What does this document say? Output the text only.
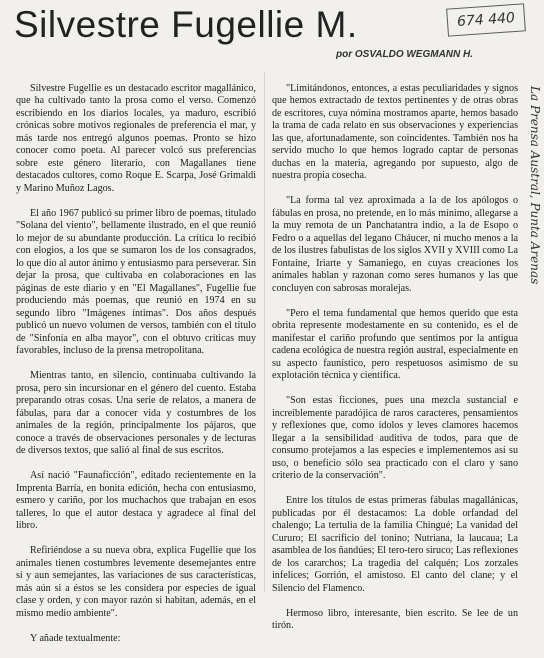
Silvestre Fugellie M.	674 440
por OSVALDO WEGMANN H.

Silvestre Fugellie es un destacado escritor magallánico, que ha cultivado tanto la prosa como el verso. Comenzó escribiendo en los diarios locales, ya maduro, escribió crónicas sobre motivos regionales de preferencia el mar, y más tarde nos entregó algunos poemas. Pronto se hizo conocer como poeta. Al parecer volcó sus preferencias sobre este género literario, con Magallanes tiene destacados cultores, como Roque E. Scarpa, José Grimaldi y Marino Muñoz Lagos.

El año 1967 publicó su primer libro de poemas, titulado "Solana del viento", bellamente ilustrado, en el que reunió lo mejor de su abundante producción. La crítica lo recibió con elogios, a los que se sumaron los de los consagrados, lo que dio al autor ánimo y entusiasmo para perseverar. Sin dejar la prosa, que cultivaba en colaboraciones en las páginas de este diario y en "El Magallanes", Fugellie fue produciendo más poemas, que reunió en 1974 en su segundo libro "Imágenes íntimas". Dos años después publicó un nuevo volumen de versos, también con el título de "Sinfonía en alba mayor", con el obtuvo críticas muy favorables, incluso de la prensa metropolitana.

Mientras tanto, en silencio, continuaba cultivando la prosa, pero sin incursionar en el género del cuento. Estaba preparando otras cosas. Una serie de relatos, a manera de fábulas, para dar a conocer vida y costumbres de los animales de la región, principalmente los pájaros, que conoce a través de observaciones personales y de lecturas de diversos textos, que salió al final de sus escritos.

Así nació "Faunaficción", editado recientemente en la Imprenta Barría, en bonita edición, hecha con entusiasmo, esmero y cariño, por los muchachos que trabajan en esos talleres, lo que el autor destaca y agradece al final del libro.

Refiriéndose a su nueva obra, explica Fugellie que los animales tienen costumbres levemente desemejantes entre sí y aun semejantes, las variaciones de sus características, más aún si a éstos se les considera por especies de igual clase y orden, y con mayor razón si habitan, además, en el mismo medio ambiente".

Y añade textualmente:

"Limitándonos, entonces, a estas peculiaridades y signos que hemos extractado de textos pertinentes y de otras obras de escritores, cuya nómina mostramos aparte, hemos basado la trama de cada relato en sus observaciones y experiencias las que, afortunadamente, son coincidentes. También nos ha servido mucho lo que hemos logrado captar de personas duchas en la materia, agregando por supuesto, algo de nuestra propia cosecha.

"La forma tal vez aproximada a la de los apólogos o fábulas en prosa, no pretende, en lo más mínimo, allegarse a la muy remota de un Panchatantra indio, a la de Esopo o Fedro o a aquellas del legano Cháucer, ni mucho menos a la de los ilustres fabulistas de los siglos XVII y XVIII como La Fontaine, Iriarte y Samaniego, en cuyas creaciones los animales hablan y razonan como seres humanos y las que concluyen con sabrosas moralejas.

"Pero el tema fundamental que hemos querido que esta obrita represente modestamente en su contenido, es el de manifestar el cariño profundo que sentimos por la antigua cadena ecológica de nuestra región austral, especialmente en su aspecto faunístico, pero respetuosos asimismo de su explotación técnica y científica.

"Son estas ficciones, pues una mezcla sustancial e increíblemente paradójica de raros caracteres, pensamientos y reflexiones que, como ídolos y leves clamores hacemos llegar a la sensibilidad auditiva de todos, para que de consumo protejamos a las especies e implementemos así su uso, o beneficio sólo sea practicado con el claro y sano criterio de la conservación".

Entre los títulos de estas primeras fábulas magallánicas, publicadas por él destacamos: La doble orfandad del chalengo; La tertulia de la familia Chingué; La vanidad del Cururo; El sacrificio del tonino; Nutriana, la laucaua; La asamblea de los ñandúes; El tero-tero siruco; Las reflexiones de los cararchos; La tragedia del calquén; Los zorzales infelices; Gorrión, el amistoso. El canto del clane; y el Silencio del Flamenco.

Hermoso libro, interesante, bien escrito. Se lee de un tirón.

La Prensa Austral, Punta Arenas
